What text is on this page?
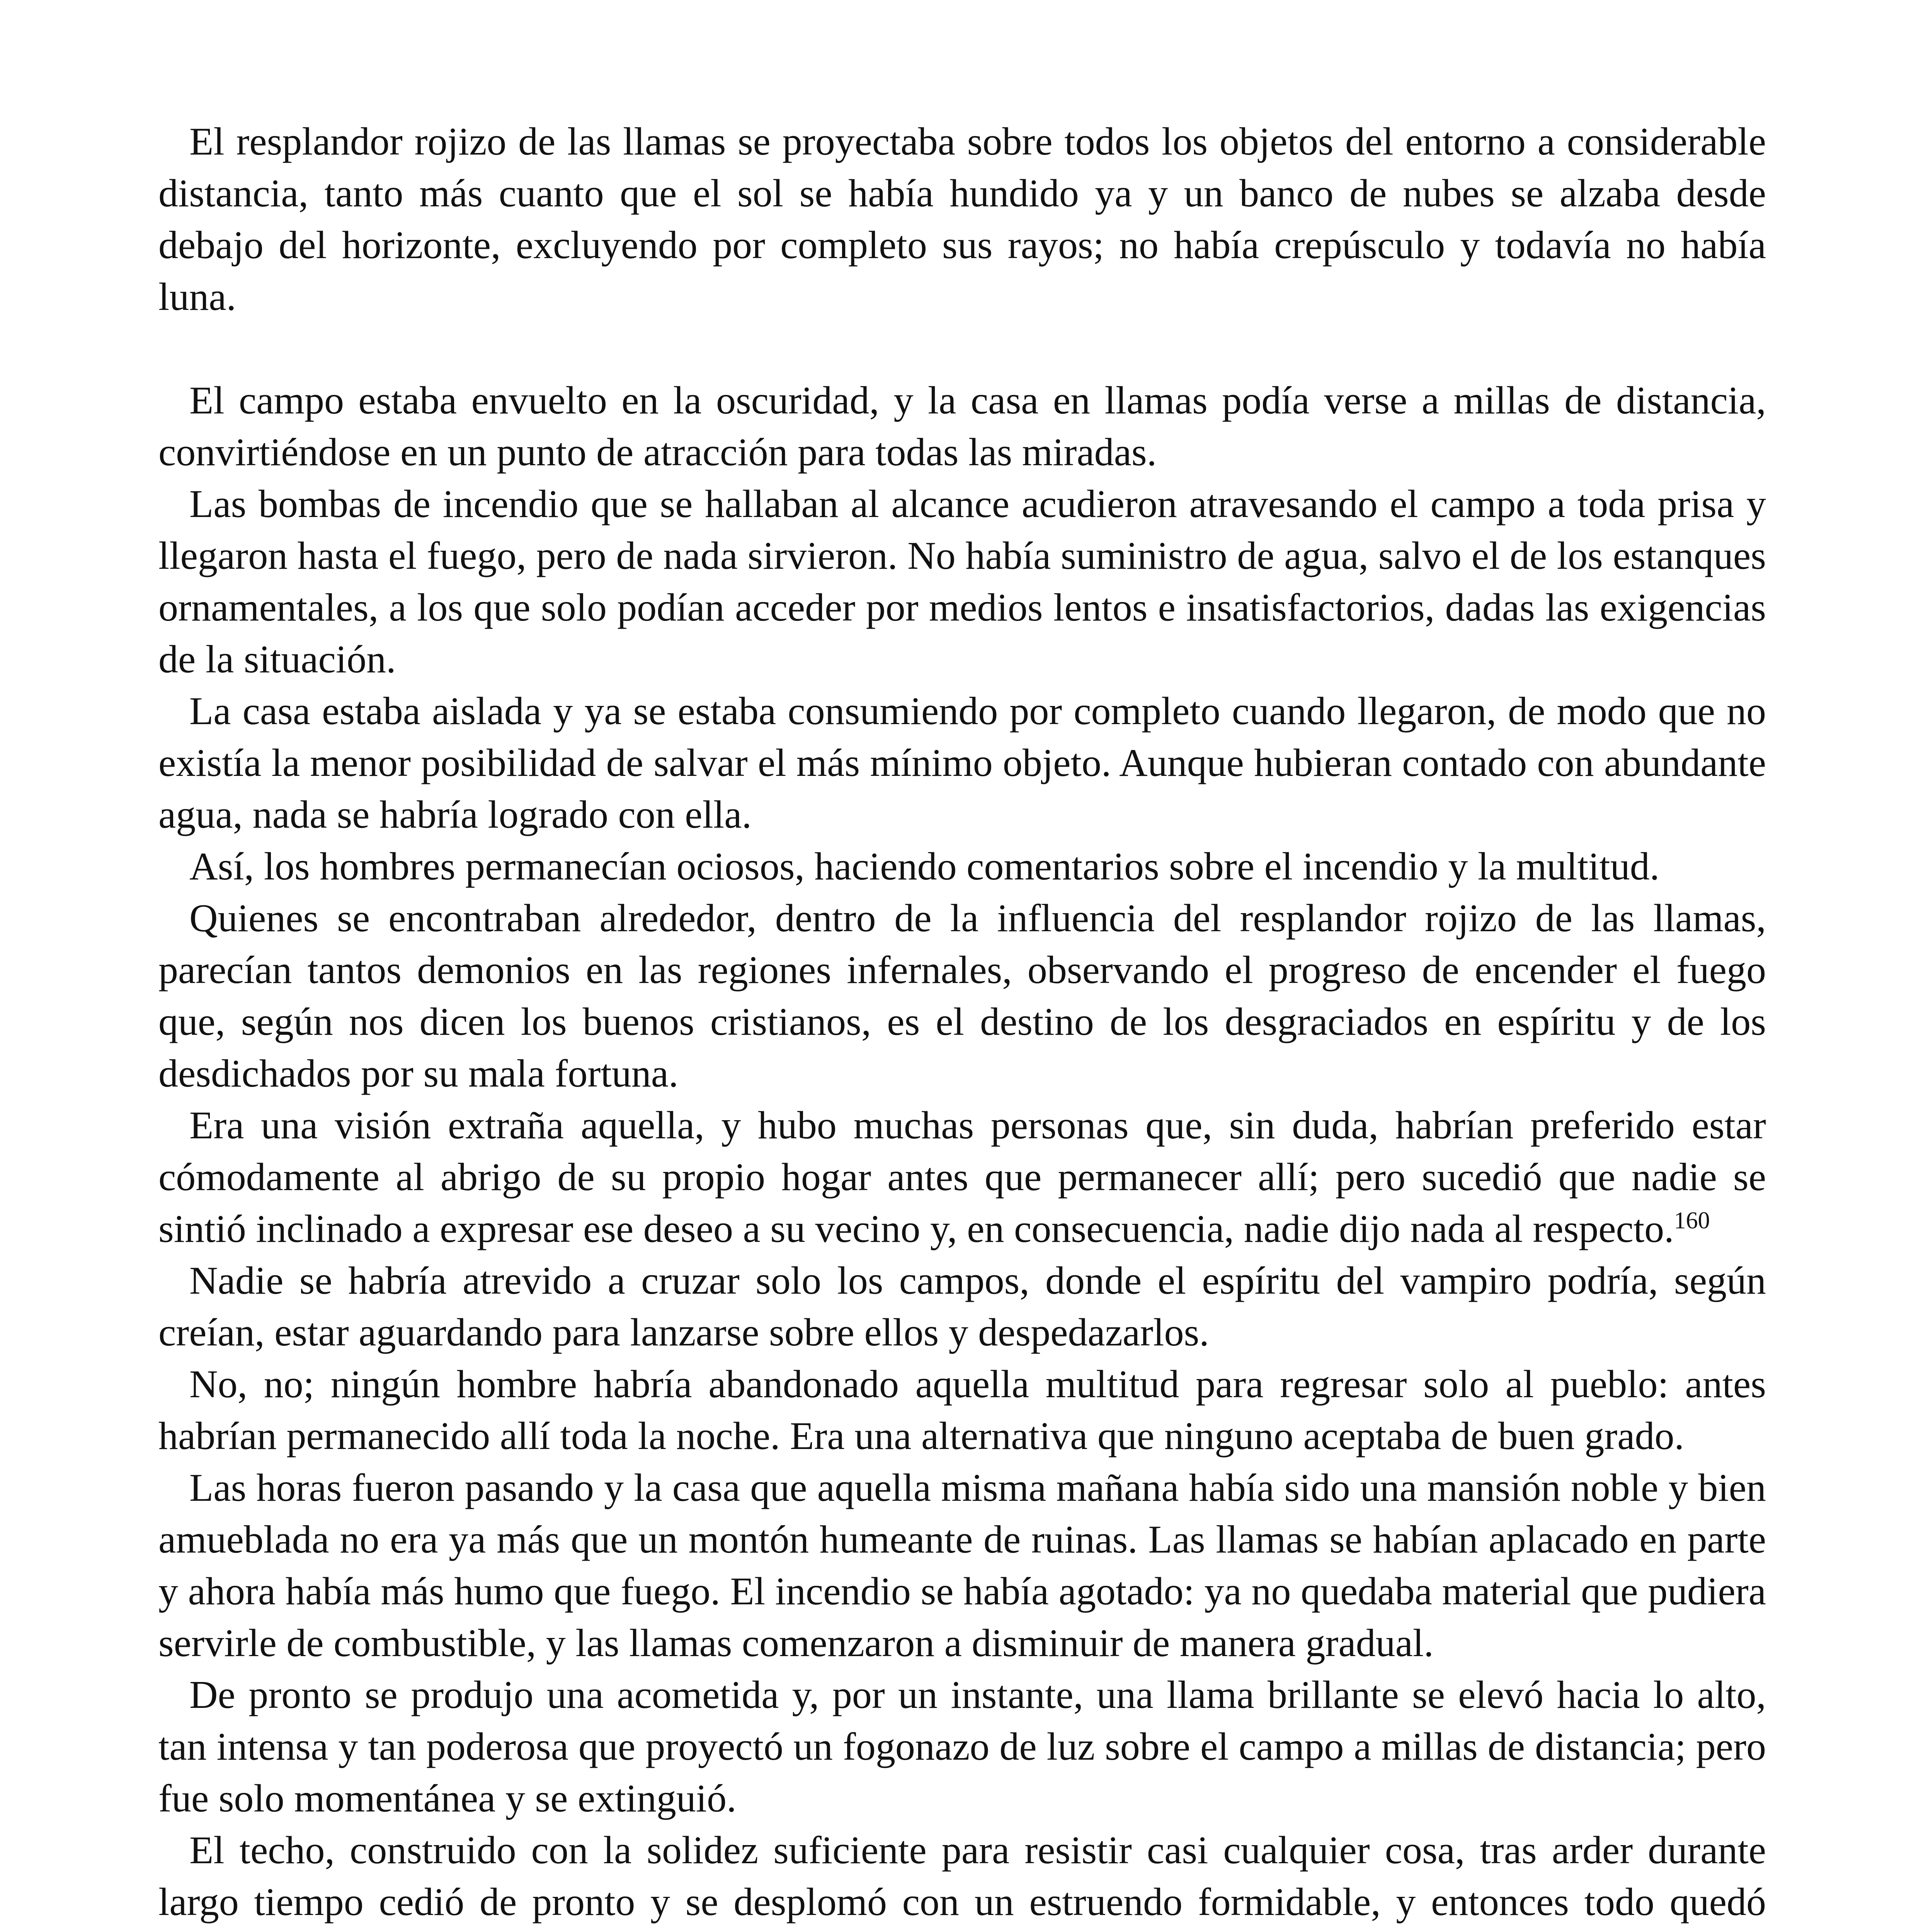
El resplandor rojizo de las llamas se proyectaba sobre todos los objetos del entorno a considerable distancia, tanto más cuanto que el sol se había hundido ya y un banco de nubes se alzaba desde debajo del horizonte, excluyendo por completo sus rayos; no había crepúsculo y todavía no había luna.

El campo estaba envuelto en la oscuridad, y la casa en llamas podía verse a millas de distancia, convirtiéndose en un punto de atracción para todas las miradas.

Las bombas de incendio que se hallaban al alcance acudieron atravesando el campo a toda prisa y llegaron hasta el fuego, pero de nada sirvieron. No había suministro de agua, salvo el de los estanques ornamentales, a los que solo podían acceder por medios lentos e insatisfactorios, dadas las exigencias de la situación.

La casa estaba aislada y ya se estaba consumiendo por completo cuando llegaron, de modo que no existía la menor posibilidad de salvar el más mínimo objeto. Aunque hubieran contado con abundante agua, nada se habría logrado con ella.

Así, los hombres permanecían ociosos, haciendo comentarios sobre el incendio y la multitud.

Quienes se encontraban alrededor, dentro de la influencia del resplandor rojizo de las llamas, parecían tantos demonios en las regiones infernales, observando el progreso de encender el fuego que, según nos dicen los buenos cristianos, es el destino de los desgraciados en espíritu y de los desdichados por su mala fortuna.

Era una visión extraña aquella, y hubo muchas personas que, sin duda, habrían preferido estar cómodamente al abrigo de su propio hogar antes que permanecer allí; pero sucedió que nadie se sintió inclinado a expresar ese deseo a su vecino y, en consecuencia, nadie dijo nada al respecto.$^{160}$

Nadie se habría atrevido a cruzar solo los campos, donde el espíritu del vampiro podría, según creían, estar aguardando para lanzarse sobre ellos y despedazarlos.

No, no; ningún hombre habría abandonado aquella multitud para regresar solo al pueblo: antes habrían permanecido allí toda la noche. Era una alternativa que ninguno aceptaba de buen grado.

Las horas fueron pasando y la casa que aquella misma mañana había sido una mansión noble y bien amueblada no era ya más que un montón humeante de ruinas. Las llamas se habían aplacado en parte y ahora había más humo que fuego. El incendio se había agotado: ya no quedaba material que pudiera servirle de combustible, y las llamas comenzaron a disminuir de manera gradual.

De pronto se produjo una acometida y, por un instante, una llama brillante se elevó hacia lo alto, tan intensa y tan poderosa que proyectó un fogonazo de luz sobre el campo a millas de distancia; pero fue solo momentánea y se extinguió.

El techo, construido con la solidez suficiente para resistir casi cualquier cosa, tras arder durante largo tiempo cedió de pronto y se desplomó con un estruendo formidable, y entonces todo quedó
